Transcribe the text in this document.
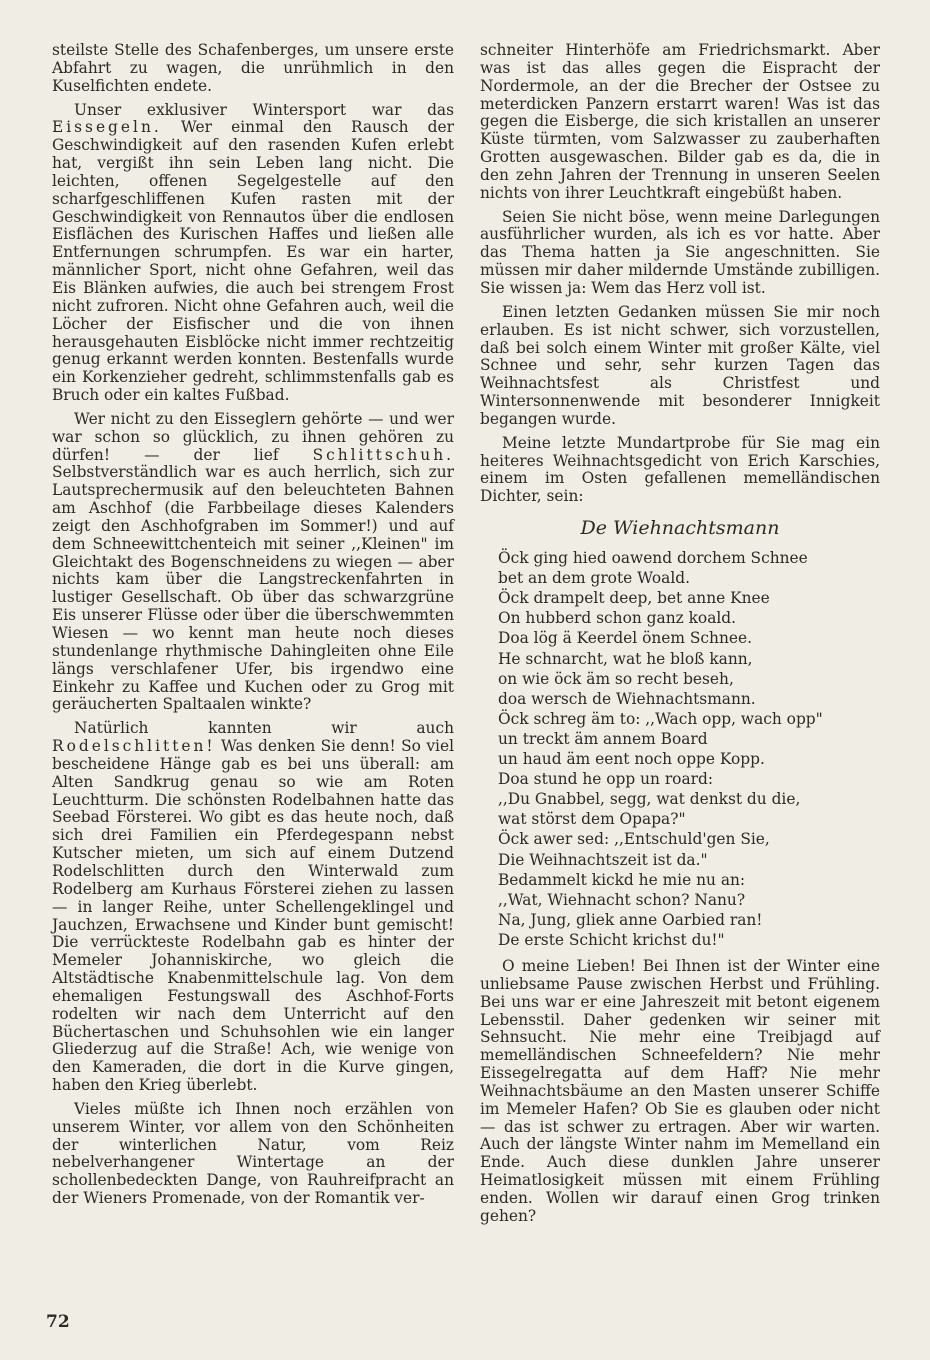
steilste Stelle des Schafenberges, um unsere erste Abfahrt zu wagen, die unrühmlich in den Kuselfichten endete.

Unser exklusiver Wintersport war das Eissegeln. Wer einmal den Rausch der Geschwindigkeit auf den rasenden Kufen erlebt hat, vergißt ihn sein Leben lang nicht. Die leichten, offenen Segelgestelle auf den scharfgeschliffenen Kufen rasten mit der Geschwindigkeit von Rennautos über die endlosen Eisflächen des Kurischen Haffes und ließen alle Entfernungen schrumpfen. Es war ein harter, männlicher Sport, nicht ohne Gefahren, weil das Eis Blänken aufwies, die auch bei strengem Frost nicht zufroren. Nicht ohne Gefahren auch, weil die Löcher der Eisfischer und die von ihnen herausgehauten Eisblöcke nicht immer rechtzeitig genug erkannt werden konnten. Bestenfalls wurde ein Korkenzieher gedreht, schlimmstenfalls gab es Bruch oder ein kaltes Fußbad.

Wer nicht zu den Eisseglern gehörte — und wer war schon so glücklich, zu ihnen gehören zu dürfen! — der lief Schlittschuh. Selbstverständlich war es auch herrlich, sich zur Lautsprechermusik auf den beleuchteten Bahnen am Aschhof (die Farbbeilage dieses Kalenders zeigt den Aschhofgraben im Sommer!) und auf dem Schneewittchenteich mit seiner ,,Kleinen" im Gleichtakt des Bogenschneidens zu wiegen — aber nichts kam über die Langstreckenfahrten in lustiger Gesellschaft. Ob über das schwarzgrüne Eis unserer Flüsse oder über die überschwemmten Wiesen — wo kennt man heute noch dieses stundenlange rhythmische Dahingleiten ohne Eile längs verschlafener Ufer, bis irgendwo eine Einkehr zu Kaffee und Kuchen oder zu Grog mit geräucherten Spaltaalen winkte?

Natürlich kannten wir auch Rodelschlitten! Was denken Sie denn! So viel bescheidene Hänge gab es bei uns überall: am Alten Sandkrug genau so wie am Roten Leuchtturm. Die schönsten Rodelbahnen hatte das Seebad Försterei. Wo gibt es das heute noch, daß sich drei Familien ein Pferdegespann nebst Kutscher mieten, um sich auf einem Dutzend Rodelschlitten durch den Winterwald zum Rodelberg am Kurhaus Försterei ziehen zu lassen — in langer Reihe, unter Schellengeklingel und Jauchzen, Erwachsene und Kinder bunt gemischt! Die verrückteste Rodelbahn gab es hinter der Memeler Johanniskirche, wo gleich die Altstädtische Knabenmittelschule lag. Von dem ehemaligen Festungswall des Aschhof-Forts rodelten wir nach dem Unterricht auf den Büchertaschen und Schuhsohlen wie ein langer Gliederzug auf die Straße! Ach, wie wenige von den Kameraden, die dort in die Kurve gingen, haben den Krieg überlebt.

Vieles müßte ich Ihnen noch erzählen von unserem Winter, vor allem von den Schönheiten der winterlichen Natur, vom Reiz nebelverhangener Wintertage an der schollenbedeckten Dange, von Rauhreifpracht an der Wieners Promenade, von der Romantik ver-

schneiter Hinterhöfe am Friedrichsmarkt. Aber was ist das alles gegen die Eispracht der Nordermole, an der die Brecher der Ostsee zu meterdicken Panzern erstarrt waren! Was ist das gegen die Eisberge, die sich kristallen an unserer Küste türmten, vom Salzwasser zu zauberhaften Grotten ausgewaschen. Bilder gab es da, die in den zehn Jahren der Trennung in unseren Seelen nichts von ihrer Leuchtkraft eingebüßt haben.

Seien Sie nicht böse, wenn meine Darlegungen ausführlicher wurden, als ich es vor hatte. Aber das Thema hatten ja Sie angeschnitten. Sie müssen mir daher mildernde Umstände zubilligen. Sie wissen ja: Wem das Herz voll ist.

Einen letzten Gedanken müssen Sie mir noch erlauben. Es ist nicht schwer, sich vorzustellen, daß bei solch einem Winter mit großer Kälte, viel Schnee und sehr, sehr kurzen Tagen das Weihnachtsfest als Christfest und Wintersonnenwende mit besonderer Innigkeit begangen wurde.

Meine letzte Mundartprobe für Sie mag ein heiteres Weihnachtsgedicht von Erich Karschies, einem im Osten gefallenen memelländischen Dichter, sein:

De Wiehnachtsmann
Öck ging hied oawend dorchem Schnee
bet an dem grote Woald.
Öck drampelt deep, bet anne Knee
On hubberd schon ganz koald.
Doa lög ä Keerdel önem Schnee.
He schnarcht, wat he bloß kann,
on wie öck äm so recht beseh,
doa wersch de Wiehnachtsmann.
Öck schreg äm to: ,,Wach opp, wach opp"
un treckt äm annem Board
un haud äm eent noch oppe Kopp.
Doa stund he opp un roard:
,,Du Gnabbel, segg, wat denkst du die,
wat störst dem Opapa?"
Öck awer sed: ,,Entschuld'gen Sie,
Die Weihnachtszeit ist da."
Bedammelt kickd he mie nu an:
,,Wat, Wiehnacht schon? Nanu?
Na, Jung, gliek anne Oarbied ran!
De erste Schicht krichst du!"

O meine Lieben! Bei Ihnen ist der Winter eine unliebsame Pause zwischen Herbst und Frühling. Bei uns war er eine Jahreszeit mit betont eigenem Lebensstil. Daher gedenken wir seiner mit Sehnsucht. Nie mehr eine Treibjagd auf memelländischen Schneefeldern? Nie mehr Eissegelregatta auf dem Haff? Nie mehr Weihnachtsbäume an den Masten unserer Schiffe im Memeler Hafen? Ob Sie es glauben oder nicht — das ist schwer zu ertragen. Aber wir warten. Auch der längste Winter nahm im Memelland ein Ende. Auch diese dunklen Jahre unserer Heimatlosigkeit müssen mit einem Frühling enden. Wollen wir darauf einen Grog trinken gehen?

72
